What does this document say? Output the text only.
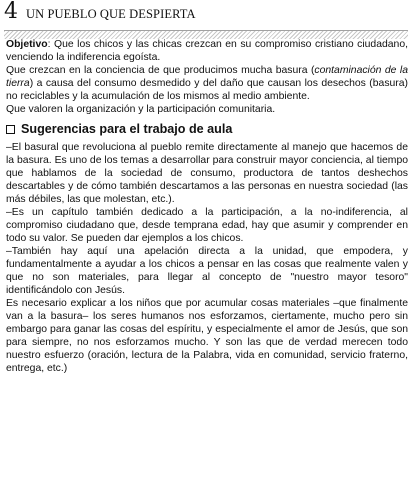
4 UN PUEBLO QUE DESPIERTA

Objetivo: Que los chicos y las chicas crezcan en su compromiso cristiano ciudadano, venciendo la indiferencia egoísta.

Que crezcan en la conciencia de que producimos mucha basura (contaminación de la tierra) a causa del consumo desmedido y del daño que causan los desechos (basura) no reciclables y la acumulación de los mismos al medio ambiente.

Que valoren la organización y la participación comunitaria.

Sugerencias para el trabajo de aula

–El basural que revoluciona al pueblo remite directamente al manejo que hacemos de la basura. Es uno de los temas a desarrollar para construir mayor conciencia, al tiempo que hablamos de la sociedad de consumo, productora de tantos deshechos descartables y de cómo también descartamos a las personas en nuestra sociedad (las más débiles, las que molestan, etc.).

–Es un capítulo también dedicado a la participación, a la no-indiferencia, al compromiso ciudadano que, desde temprana edad, hay que asumir y comprender en todo su valor. Se pueden dar ejemplos a los chicos.

–También hay aquí una apelación directa a la unidad, que empodera, y fundamentalmente a ayudar a los chicos a pensar en las cosas que realmente valen y que no son materiales, para llegar al concepto de "nuestro mayor tesoro" identificándolo con Jesús.

Es necesario explicar a los niños que por acumular cosas materiales –que finalmente van a la basura– los seres humanos nos esforzamos, ciertamente, mucho pero sin embargo para ganar las cosas del espíritu, y especialmente el amor de Jesús, que son para siempre, no nos esforzamos mucho. Y son las que de verdad merecen todo nuestro esfuerzo (oración, lectura de la Palabra, vida en comunidad, servicio fraterno, entrega, etc.)
